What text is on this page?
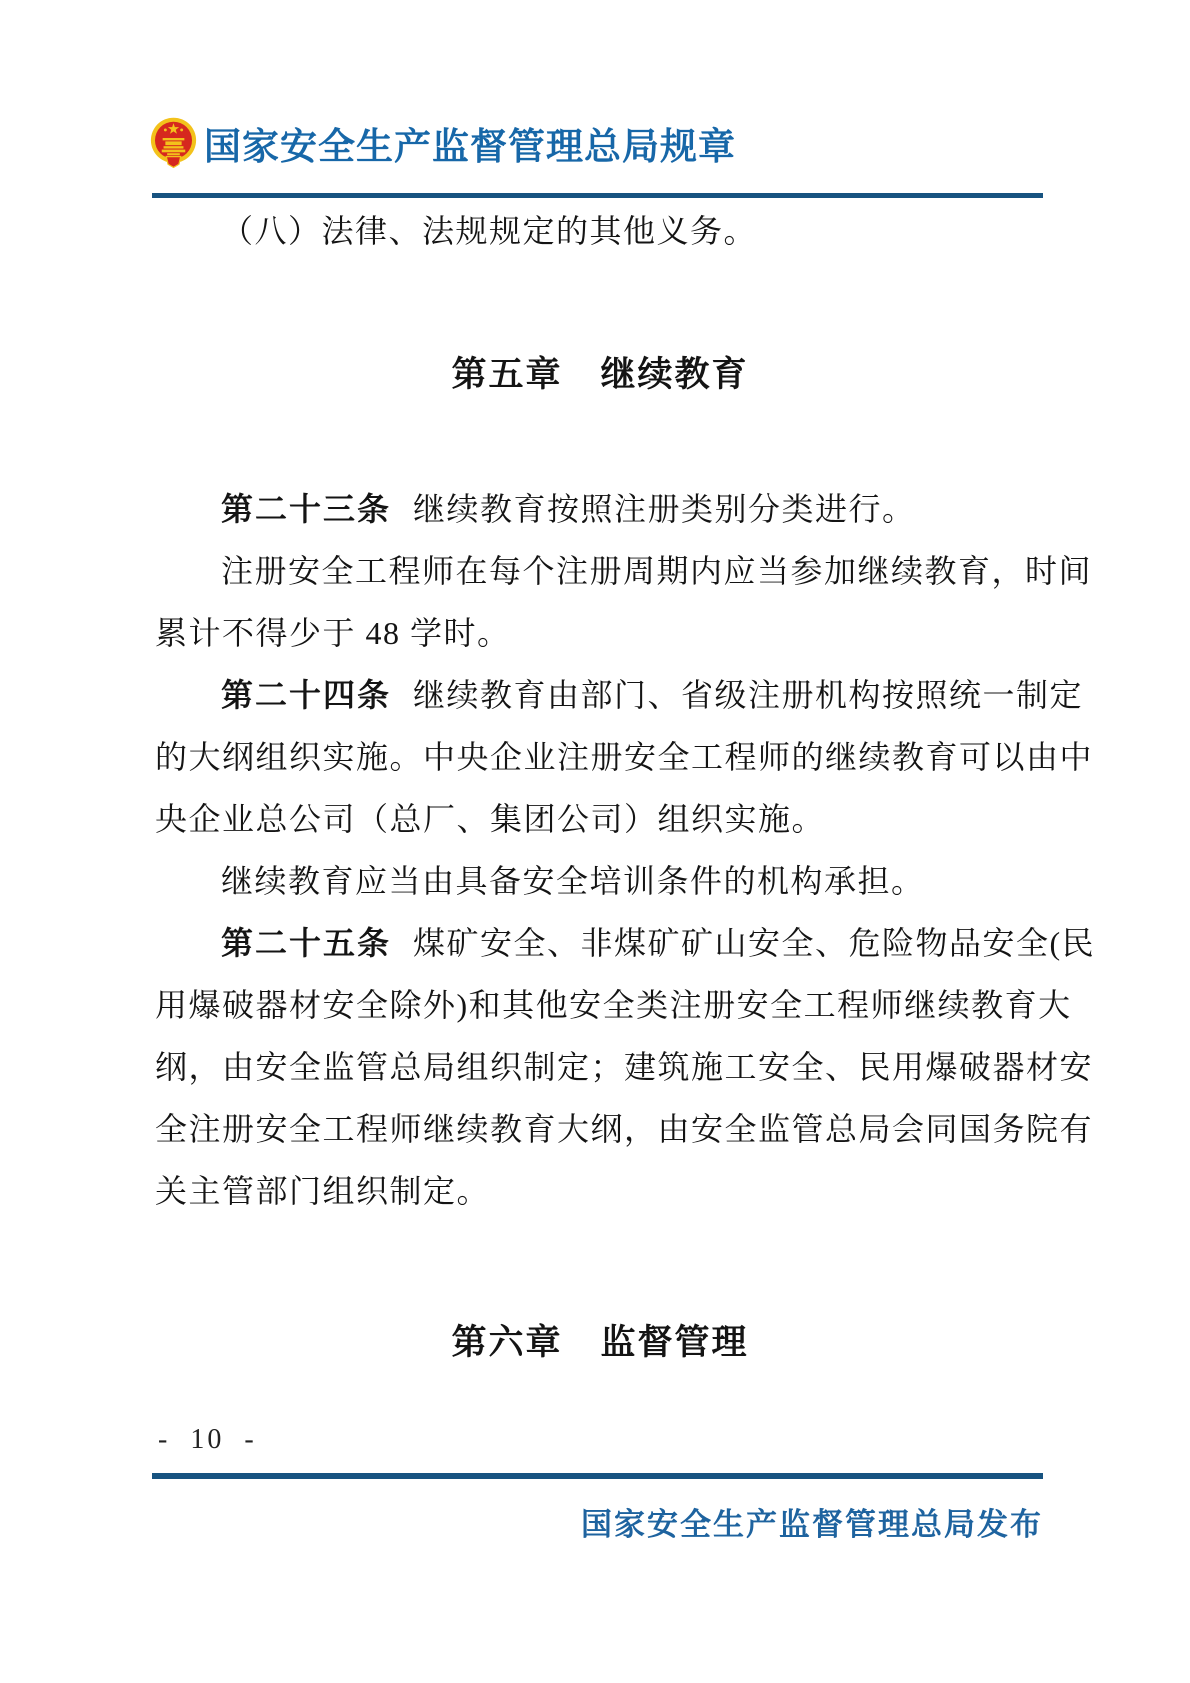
国家安全生产监督管理总局规章
（八）法律、法规规定的其他义务。
第五章 继续教育
第二十三条 继续教育按照注册类别分类进行。
注册安全工程师在每个注册周期内应当参加继续教育，时间
累计不得少于 48 学时。
第二十四条 继续教育由部门、省级注册机构按照统一制定
的大纲组织实施。中央企业注册安全工程师的继续教育可以由中
央企业总公司（总厂、集团公司）组织实施。
继续教育应当由具备安全培训条件的机构承担。
第二十五条 煤矿安全、非煤矿矿山安全、危险物品安全(民
用爆破器材安全除外)和其他安全类注册安全工程师继续教育大
纲，由安全监管总局组织制定；建筑施工安全、民用爆破器材安
全注册安全工程师继续教育大纲，由安全监管总局会同国务院有
关主管部门组织制定。
第六章 监督管理
- 10 -
国家安全生产监督管理总局发布
